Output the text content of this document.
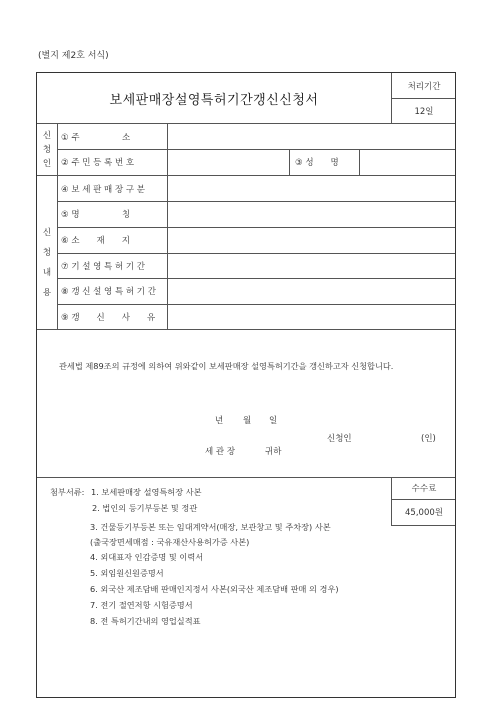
(별지 제2호 서식)
보세판매장설영특허기간갱신신청서
처리기간
12일
신
청
인
① 주　　　　　소
② 주 민 등 록 번 호	③ 성　　명
신
청
내
용
④ 보 세 판 매 장 구 분
⑤ 명　　　　　칭
⑥ 소　　재　　지
⑦ 기 설 영 특 허 기 간
⑧ 갱 신 설 영 특 허 기 간
⑨ 갱　　신　　사　　유
관세법 제89조의 규정에 의하여 위와같이 보세판매장 설영특허기간을 갱신하고자 신청합니다.
년 월 일
신청인	(인)
세 관 장	귀하
수수료
45,000원
첨부서류: 1. 보세판매장 설영특허장 사본
2. 법인의 등기부등본 및 정관
3. 건물등기부등본 또는 임대계약서(매장, 보관창고 및 주차장) 사본
(출국장면세매점 : 국유재산사용허가증 사본)
4. 외대표자 인감증명 및 이력서
5. 외임원신원증명서
6. 외국산 제조담배 판매인지정서 사본(외국산 제조담배 판매 의 경우)
7. 전기 절연저항 시험증명서
8. 전 특허기간내의 영업실적표
